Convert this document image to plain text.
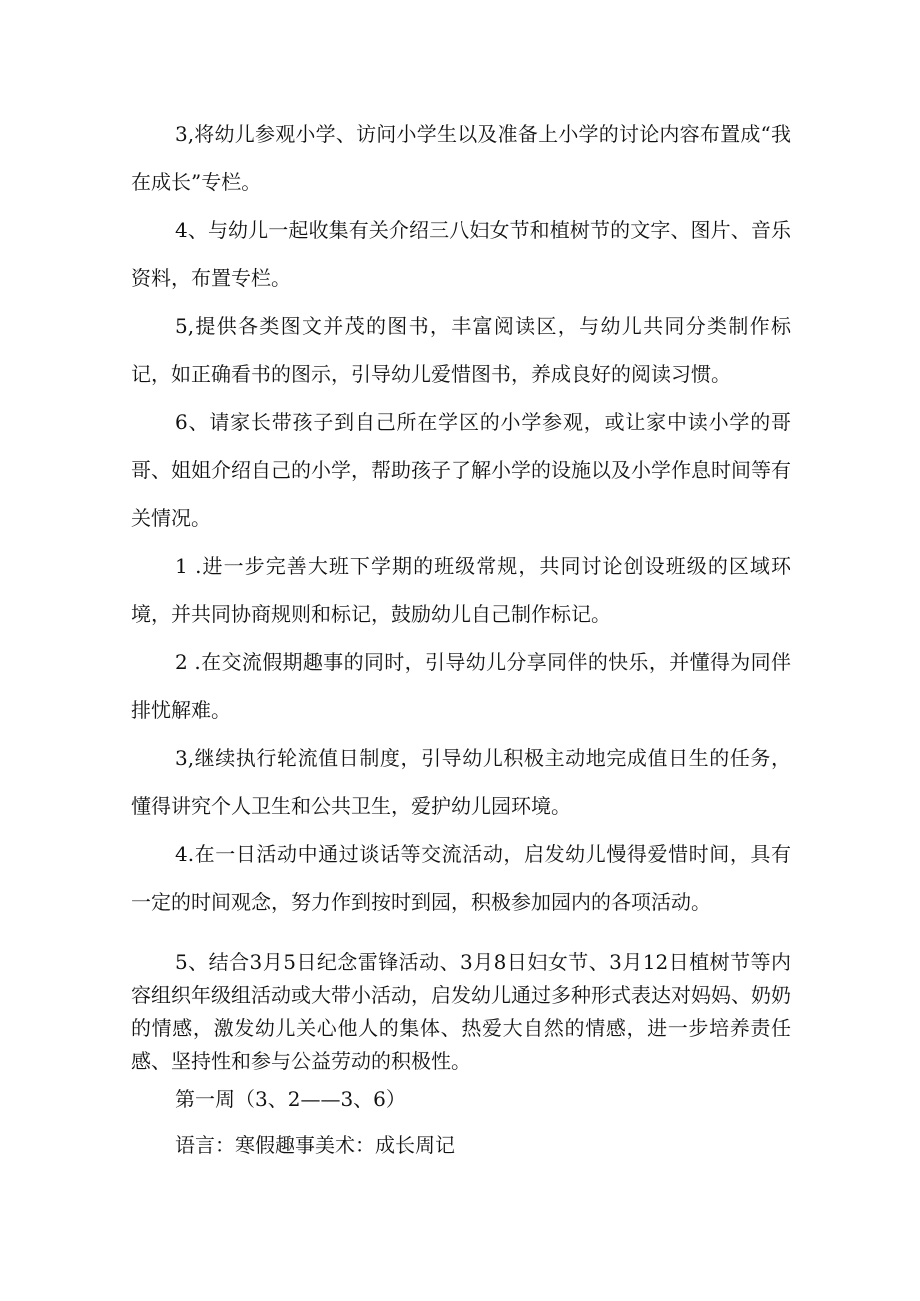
3,将幼儿参观小学、访问小学生以及准备上小学的讨论内容布置成“我在成长”专栏。

4、与幼儿一起收集有关介绍三八妇女节和植树节的文字、图片、音乐资料，布置专栏。

5,提供各类图文并茂的图书，丰富阅读区，与幼儿共同分类制作标记，如正确看书的图示，引导幼儿爱惜图书，养成良好的阅读习惯。

6、请家长带孩子到自己所在学区的小学参观，或让家中读小学的哥哥、姐姐介绍自己的小学，帮助孩子了解小学的设施以及小学作息时间等有关情况。

1 .进一步完善大班下学期的班级常规，共同讨论创设班级的区域环境，并共同协商规则和标记，鼓励幼儿自己制作标记。

2 .在交流假期趣事的同时，引导幼儿分享同伴的快乐，并懂得为同伴排忧解难。

3,继续执行轮流值日制度，引导幼儿积极主动地完成值日生的任务，懂得讲究个人卫生和公共卫生，爱护幼儿园环境。

4.在一日活动中通过谈话等交流活动，启发幼儿慢得爱惜时间，具有一定的时间观念，努力作到按时到园，积极参加园内的各项活动。

5、结合3月5日纪念雷锋活动、3月8日妇女节、3月12日植树节等内容组织年级组活动或大带小活动，启发幼儿通过多种形式表达对妈妈、奶奶的情感，激发幼儿关心他人的集体、热爱大自然的情感，进一步培养责任感、坚持性和参与公益劳动的积极性。

第一周（3、2——3、6）
语言：寒假趣事美术：成长周记
